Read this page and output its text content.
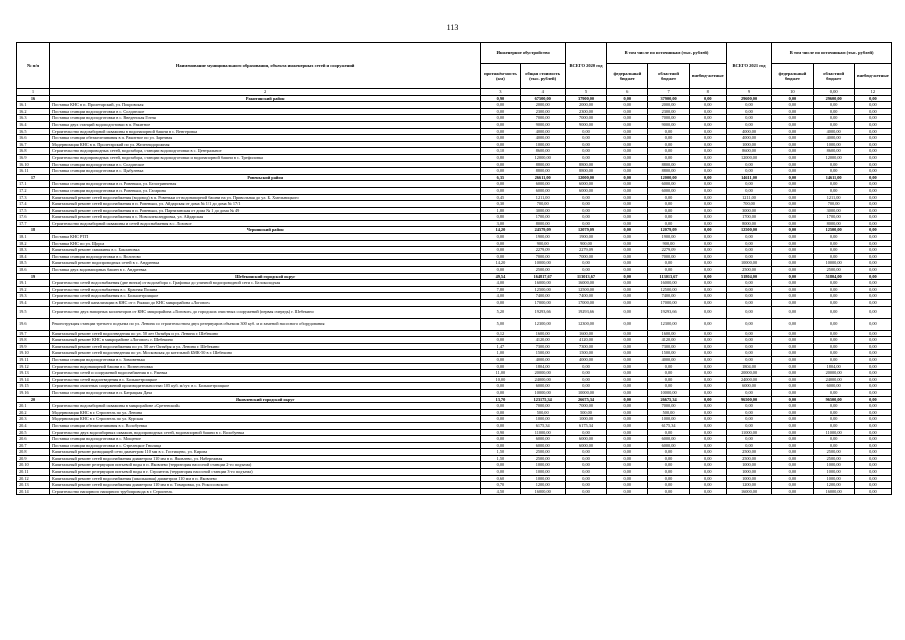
113
№ п/п	Наименование муниципального образования, объекта инженерных сетей и сооружений	Инженерное обустройство		ВСЕГО 2020 год	В том числе по источникам (тыс. рублей)			ВСЕГО 2021 год	В том числе по источникам (тыс. рублей)		
		протяжён-ность (км)	общая стоимость (тыс. рублей)		федеральный бюджет	областной бюджет	внебюд-жетные		федеральный бюджет	областной бюджет	внебюд-жетные
1	2	3	4	5	6	7	8	9	10	0,00	12
16	Ракитянский район	0,90	67500,00	37900,00	0,00	37900,00	0,00	29600,00	0,00	29600,00	0,00
16.1	Поставка КНС в п. Пролетарский, ул. Покровская	0,00	2000,00	2000,00	0,00	2000,00	0,00	0,00	0,00	0,00	0,00
16.2	Поставка станции водоподготовки в с. Солдатское	0,00	2300,00	2300,00	0,00	2300,00	0,00	0,00	0,00	0,00	0,00
16.3	Поставка станции водоподготовки в с. Введенская Готня	0,00	7000,00	7000,00	0,00	7000,00	0,00	0,00	0,00	0,00	0,00
16.4	Поставка двух станций водоподготовки в п. Ракитное	0,00	9000,00	9000,00	0,00	9000,00	0,00	0,00	0,00	0,00	0,00
16.5	Строительство водозаборной скважины в водонапорной башни в с. Венгеровка	0,00	4000,00	0,00	0,00	0,00	0,00	4000,00	0,00	4000,00	0,00
16.6	Поставка станции обезжелезивания в п. Ракитное по ул. Заречная	0,00	4000,00	0,00	0,00	0,00	0,00	4000,00	0,00	4000,00	0,00
16.7	Модернизация КНС в п. Пролетарский по ул. Железнодорожная	0,00	1000,00	0,00	0,00	0,00	0,00	1000,00	0,00	1000,00	0,00
16.8	Строительство водопроводных сетей, водозабора, станции водоподготовки в с. Центральное	0,10	8600,00	0,00	0,00	0,00	0,00	8600,00	0,00	8600,00	0,00
16.9	Строительство водопроводных сетей, водозабора, станции водоподготовки и водонапорной башни в с. Трефиловка	0,80	12000,00	0,00	0,00	0,00	0,00	12000,00	0,00	12000,00	0,00
16.10	Поставка станции водоподготовки в с. Солдатское	0,00	8800,00	8800,00	0,00	8800,00	0,00	0,00	0,00	0,00	0,00
16.11	Поставка станции водоподготовки в с. Цыбулевка	0,00	8800,00	8800,00	0,00	8800,00	0,00	0,00	0,00	0,00	0,00
17	Ровеньский район	6,35	26611,00	12000,00	0,00	12000,00	0,00	14611,00	0,00	14611,00	0,00
17.1	Поставка станции водоподготовки в п. Ровеньки, ул. Белогривченая	0,00	6000,00	6000,00	0,00	6000,00	0,00	0,00	0,00	0,00	0,00
17.2	Поставка станции водоподготовки в п. Ровеньки, ул. Гагарина	0,00	6000,00	6000,00	0,00	6000,00	0,00	0,00	0,00	0,00	0,00
17.3	Капитальный ремонт сетей водоснабжения (водовод) в п. Ровеньки от водонапорной башни на ул. Привольная до ул. Б. Хмельницкого	0,45	1211,00	0,00	0,00	0,00	0,00	1211,00	0,00	1211,00	0,00
17.4	Капитальный ремонт сетей водоснабжения в п. Ровеньки, ул. Айдарская от дома № 1/1 до дома № 17/1	0,30	700,00	0,00	0,00	0,00	0,00	700,00	0,00	700,00	0,00
17.5	Капитальный ремонт сетей водоснабжения в п. Ровеньки, ул. Партизанская от дома № 1 до дома № 49	1,80	3000,00	0,00	0,00	0,00	0,00	3000,00	0,00	3000,00	0,00
17.6	Капитальный ремонт сетей водоснабжения в с. Новоалександровка, ул. Айдарская	0,80	1700,00	0,00	0,00	0,00	0,00	1700,00	0,00	1700,00	0,00
17.7	Строительство водозаборной скважины и сетей водоснабжения в с. Лозовое	3,00	8000,00	0,00	0,00	0,00	0,00	8000,00	0,00	8000,00	0,00
18	Чернянский район	14,20	24579,09	12079,09	0,00	12079,09	0,00	12500,00	0,00	12500,00	0,00
18.1	Поставка КНС РТП	0,00	1900,00	1900,00	0,00	1900,00	0,00	0,00	0,00	0,00	0,00
18.2	Поставка КНС по ул. Щорса	0,00	900,00	900,00	0,00	900,00	0,00	0,00	0,00	0,00	0,00
18.3	Капитальный ремонт скважины в с. Баклановка	0,00	2279,09	2279,09	0,00	2279,09	0,00	0,00	0,00	0,00	0,00
18.4	Поставка станции водоподготовки в с. Волотово	0,00	7000,00	7000,00	0,00	7000,00	0,00	0,00	0,00	0,00	0,00
18.5	Капитальный ремонт водопроводных сетей в с. Андреевка	14,20	10000,00	0,00	0,00	0,00	0,00	10000,00	0,00	10000,00	0,00
18.6	Поставка двух водонапорных башен в с. Андреевка	0,00	2500,00	0,00	0,00	0,00	0,00	2500,00	0,00	2500,00	0,00
19	Шебекинский городской округ	49,54	164817,67	113013,67	0,00	113013,67	0,00	51804,00	0,00	51804,00	0,00
19.1	Строительство сетей водоснабжения (две нитки) от водозабора с. Графовка до уличной водопроводной сети с. Белоколодчая	4,00	16000,00	16000,00	0,00	16000,00	0,00	0,00	0,00	0,00	0,00
19.2	Строительство сетей водоснабжения в с. Красная Поляна	7,80	12500,00	12500,00	0,00	12500,00	0,00	0,00	0,00	0,00	0,00
19.3	Строительство сетей водоснабжения в с. Большетроицкое	4,00	7400,00	7400,00	0,00	7400,00	0,00	0,00	0,00	0,00	0,00
19.4	Строительство сетей канализации в КНС от г. Рыжки до КНС микрорайона «Логовое»	0,00	17000,00	17000,00	0,00	17000,00	0,00	0,00	0,00	0,00	0,00
19.5	Строительство двух напорных коллекторов от КНС микрорайона «Логовое» до городских очистных сооружений (первая очередь) г. Шебекино	5,20	19293,66	19293,66	0,00	19293,66	0,00	0,00	0,00	0,00	0,00
19.6	Реконструкция станции третьего подъема по ул. Ленина со строительством двух резервуаров объемом 300 куб. м и заменой насосного оборудования	5,00	12300,00	12300,00	0,00	12300,00	0,00	0,00	0,00	0,00	0,00
19.7	Капитальный ремонт сетей водоотведения по ул. 50 лет Октября и ул. Ленина г. Шебекино	0,12	1600,00	1600,00	0,00	1600,00	0,00	0,00	0,00	0,00	0,00
19.8	Капитальный ремонт КНС в микрорайоне «Логовое» г. Шебекино	0,00	4120,00	4120,00	0,00	4120,00	0,00	0,00	0,00	0,00	0,00
19.9	Капитальный ремонт сетей водоснабжения по ул. 50 лет Октября и ул. Ленина г. Шебекино	1,47	7300,00	7300,00	0,00	7300,00	0,00	0,00	0,00	0,00	0,00
19.10	Капитальный ремонт сетей водоотведения по ул. Московская до котельной БМК-50 в г. Шебекино	1,00	1500,00	1500,00	0,00	1500,00	0,00	0,00	0,00	0,00	0,00
19.11	Поставка станции водоподготовки в с. Зимовенька	0,00	4000,00	4000,00	0,00	4000,00	0,00	0,00	0,00	0,00	0,00
19.12	Строительство водонапорной башни в с. Вознесеновка	0,00	1804,00	0,00	0,00	0,00	0,00	1804,00	0,00	1804,00	0,00
19.13	Строительство сетей и сооружений водоснабжения в с. Ржевка	11,00	20000,00	0,00	0,00	0,00	0,00	20000,00	0,00	20000,00	0,00
19.14	Строительство сетей водоотведения в с. Большетроицкое	10,00	24000,00	0,00	0,00	0,00	0,00	24000,00	0,00	24000,00	0,00
19.15	Строительство очистных сооружений производительностью 105 куб. м/сут. в с. Большетроицкое	0,00	6000,00	0,00	0,00	0,00	0,00	6000,00	0,00	6000,00	0,00
19.16	Поставка станции водоподготовки в п. Батрацкая Дача	0,00	10000,00	10000,00	0,00	10000,00	0,00	0,00	0,00	0,00	0,00
20	Яковлевский городской округ	13,70	123175,34	26675,34	0,00	26675,34	0,00	96500,00	0,00	96500,00	0,00
20.1	Строительство водозаборной скважины в микрорайоне «Сретенский»	0,00	7000,00	7000,00	0,00	7000,00	0,00	0,00	0,00	0,00	0,00
20.2	Модернизация КНС в г. Строитель по ул. Ленина	0,00	500,00	500,00	0,00	500,00	0,00	0,00	0,00	0,00	0,00
20.3	Модернизация КНС в г. Строитель по ул. Курская	0,00	1000,00	1000,00	0,00	1000,00	0,00	0,00	0,00	0,00	0,00
20.4	Поставка станции обезжелезивания в с. Волобуевка	0,00	6175,34	6175,34	0,00	6175,34	0,00	0,00	0,00	0,00	0,00
20.5	Строительство двух водозаборных скважин, водопроводных сетей, водонапорной башни в с. Волобуевка	0,90	11000,00	0,00	0,00	0,00	0,00	11000,00	0,00	11000,00	0,00
20.6	Поставка станции водоподготовки в с. Мощеное	0,00	6000,00	6000,00	0,00	6000,00	0,00	0,00	0,00	0,00	0,00
20.7	Поставка станции водоподготовки в с. Стрелецкое Гнилица	0,00	6000,00	6000,00	0,00	6000,00	0,00	0,00	0,00	0,00	0,00
20.8	Капитальный ремонт разводящей сети диаметром 110 мм в с. Гостищево, ул. Кирова	1,50	2500,00	0,00	0,00	0,00	0,00	2500,00	0,00	2500,00	0,00
20.9	Капитальный ремонт сетей водоснабжения диаметром 110 мм в п. Яковлево, ул. Набережная	1,50	2500,00	0,00	0,00	0,00	0,00	2500,00	0,00	2500,00	0,00
20.10	Капитальный ремонт резервуаров питьевой воды в п. Яковлево (территория насосной станции 2-го подъема)	0,00	1000,00	0,00	0,00	0,00	0,00	1000,00	0,00	1000,00	0,00
20.11	Капитальный ремонт резервуаров питьевой воды в г. Строитель (территория насосной станции 3-го подъема)	0,00	1000,00	0,00	0,00	0,00	0,00	1000,00	0,00	1000,00	0,00
20.12	Капитальный ремонт сетей водоснабжения (школьковая) диаметром 110 мм в п. Яковлево	0,60	1000,00	0,00	0,00	0,00	0,00	1000,00	0,00	1000,00	0,00
20.13	Капитальный ремонт сетей водоснабжения диаметром 110 мм в п. Томаровка, ул. Рокоссовского	0,70	1200,00	0,00	0,00	0,00	0,00	1200,00	0,00	1200,00	0,00
20.14	Строительство напорного напорного трубопровода в г. Строитель	4,50	16000,00	0,00	0,00	0,00	0,00	16000,00	0,00	16000,00	0,00
